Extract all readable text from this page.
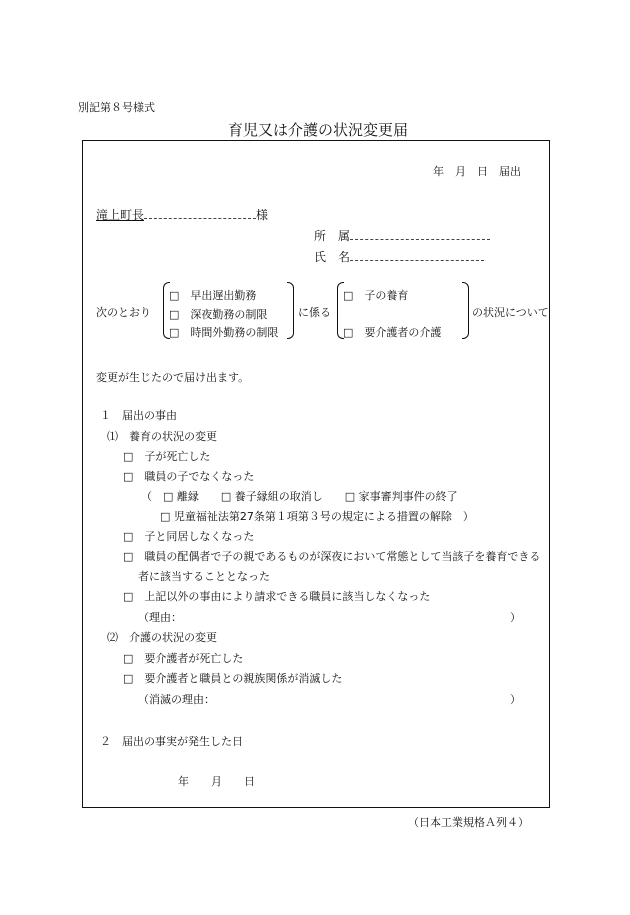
別記第８号様式
育児又は介護の状況変更届
年　月　日　届出
滝上町長	様
所　属
氏　名
次のとおり
□　早出遅出勤務
□　深夜勤務の制限
□　時間外勤務の制限
に係る
□　子の養育
□　要介護者の介護
の状況について
変更が生じたので届け出ます。
１　届出の事由
⑴　養育の状況の変更
□　子が死亡した
□　職員の子でなくなった
（　□ 離縁　　□ 養子縁組の取消し　　□ 家事審判事件の終了
□ 児童福祉法第27条第１項第３号の規定による措置の解除　）
□　子と同居しなくなった
□　職員の配偶者で子の親であるものが深夜において常態として当該子を養育できる
者に該当することとなった
□　上記以外の事由により請求できる職員に該当しなくなった
（理由：	）
⑵　介護の状況の変更
□　要介護者が死亡した
□　要介護者と職員との親族関係が消滅した
（消滅の理由：	）
２　届出の事実が発生した日
年　　月　　日
（日本工業規格Ａ列４）
